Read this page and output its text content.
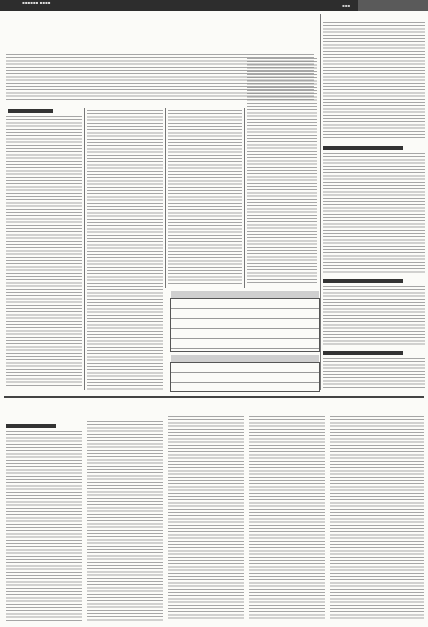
▪▪▪▪▪▪ ▪▪▪▪
▪▪▪
